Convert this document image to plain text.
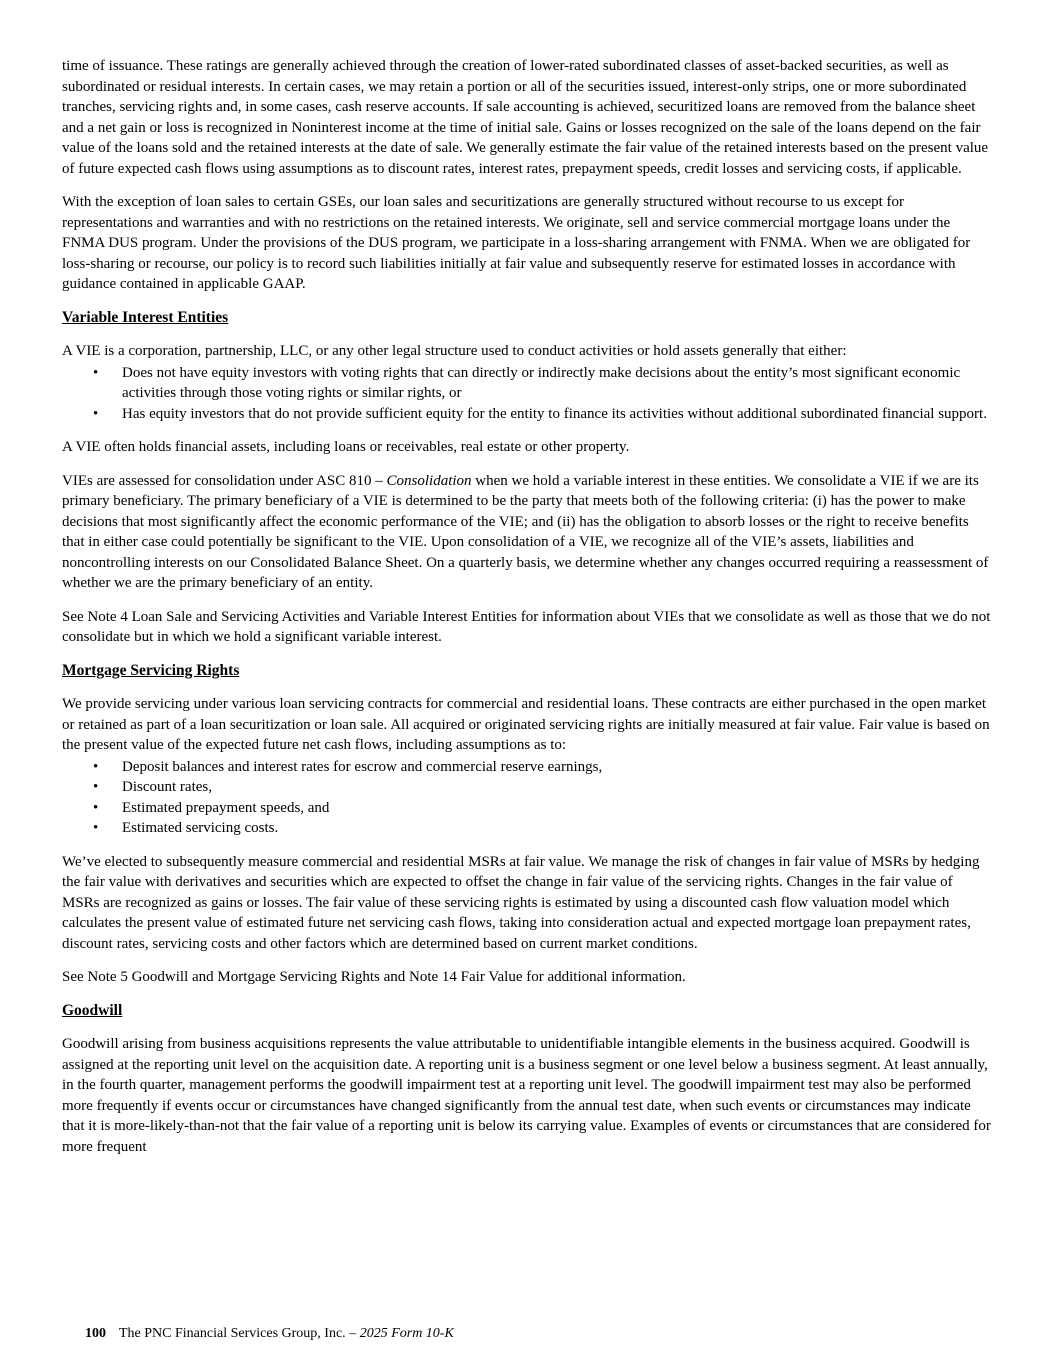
time of issuance. These ratings are generally achieved through the creation of lower-rated subordinated classes of asset-backed securities, as well as subordinated or residual interests. In certain cases, we may retain a portion or all of the securities issued, interest-only strips, one or more subordinated tranches, servicing rights and, in some cases, cash reserve accounts. If sale accounting is achieved, securitized loans are removed from the balance sheet and a net gain or loss is recognized in Noninterest income at the time of initial sale. Gains or losses recognized on the sale of the loans depend on the fair value of the loans sold and the retained interests at the date of sale. We generally estimate the fair value of the retained interests based on the present value of future expected cash flows using assumptions as to discount rates, interest rates, prepayment speeds, credit losses and servicing costs, if applicable.

With the exception of loan sales to certain GSEs, our loan sales and securitizations are generally structured without recourse to us except for representations and warranties and with no restrictions on the retained interests. We originate, sell and service commercial mortgage loans under the FNMA DUS program. Under the provisions of the DUS program, we participate in a loss-sharing arrangement with FNMA. When we are obligated for loss-sharing or recourse, our policy is to record such liabilities initially at fair value and subsequently reserve for estimated losses in accordance with guidance contained in applicable GAAP.

Variable Interest Entities

A VIE is a corporation, partnership, LLC, or any other legal structure used to conduct activities or hold assets generally that either:

•	Does not have equity investors with voting rights that can directly or indirectly make decisions about the entity’s most significant economic activities through those voting rights or similar rights, or
•	Has equity investors that do not provide sufficient equity for the entity to finance its activities without additional subordinated financial support.

A VIE often holds financial assets, including loans or receivables, real estate or other property.

VIEs are assessed for consolidation under ASC 810 – Consolidation when we hold a variable interest in these entities. We consolidate a VIE if we are its primary beneficiary. The primary beneficiary of a VIE is determined to be the party that meets both of the following criteria: (i) has the power to make decisions that most significantly affect the economic performance of the VIE; and (ii) has the obligation to absorb losses or the right to receive benefits that in either case could potentially be significant to the VIE. Upon consolidation of a VIE, we recognize all of the VIE’s assets, liabilities and noncontrolling interests on our Consolidated Balance Sheet. On a quarterly basis, we determine whether any changes occurred requiring a reassessment of whether we are the primary beneficiary of an entity.

See Note 4 Loan Sale and Servicing Activities and Variable Interest Entities for information about VIEs that we consolidate as well as those that we do not consolidate but in which we hold a significant variable interest.

Mortgage Servicing Rights

We provide servicing under various loan servicing contracts for commercial and residential loans. These contracts are either purchased in the open market or retained as part of a loan securitization or loan sale. All acquired or originated servicing rights are initially measured at fair value. Fair value is based on the present value of the expected future net cash flows, including assumptions as to:

•	Deposit balances and interest rates for escrow and commercial reserve earnings,
•	Discount rates,
•	Estimated prepayment speeds, and
•	Estimated servicing costs.

We’ve elected to subsequently measure commercial and residential MSRs at fair value. We manage the risk of changes in fair value of MSRs by hedging the fair value with derivatives and securities which are expected to offset the change in fair value of the servicing rights. Changes in the fair value of MSRs are recognized as gains or losses. The fair value of these servicing rights is estimated by using a discounted cash flow valuation model which calculates the present value of estimated future net servicing cash flows, taking into consideration actual and expected mortgage loan prepayment rates, discount rates, servicing costs and other factors which are determined based on current market conditions.

See Note 5 Goodwill and Mortgage Servicing Rights and Note 14 Fair Value for additional information.

Goodwill

Goodwill arising from business acquisitions represents the value attributable to unidentifiable intangible elements in the business acquired. Goodwill is assigned at the reporting unit level on the acquisition date. A reporting unit is a business segment or one level below a business segment. At least annually, in the fourth quarter, management performs the goodwill impairment test at a reporting unit level. The goodwill impairment test may also be performed more frequently if events occur or circumstances have changed significantly from the annual test date, when such events or circumstances may indicate that it is more-likely-than-not that the fair value of a reporting unit is below its carrying value. Examples of events or circumstances that are considered for more frequent

100 The PNC Financial Services Group, Inc. – 2025 Form 10-K
